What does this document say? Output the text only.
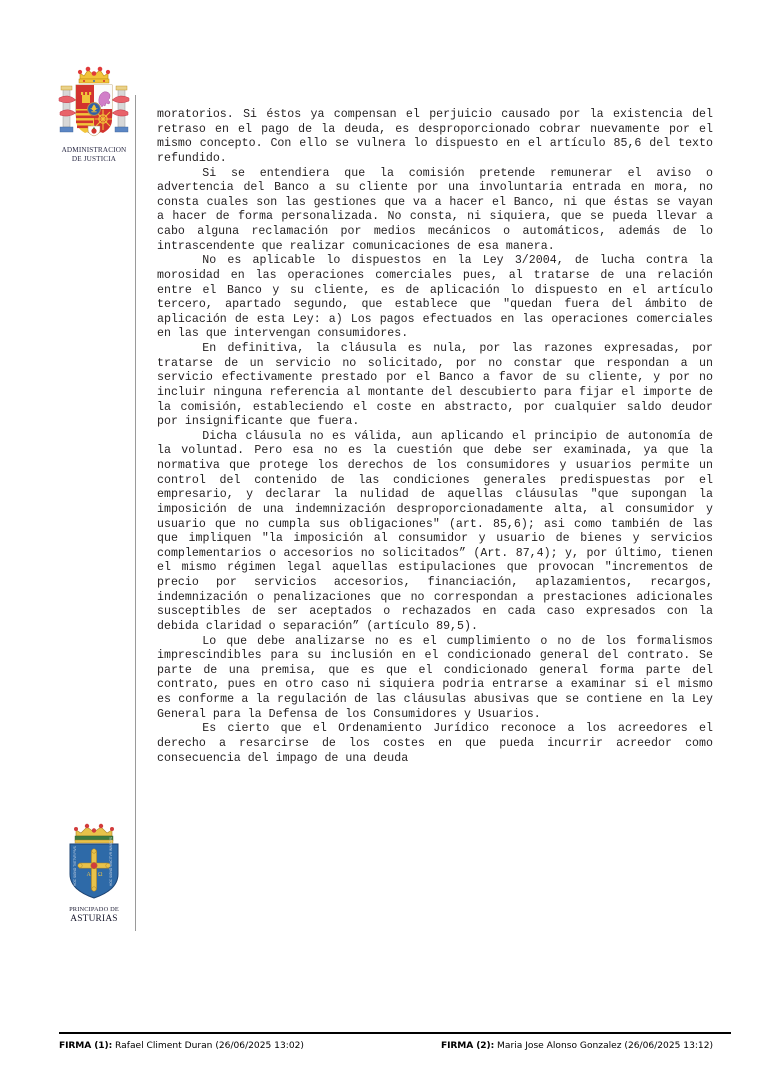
ADMINISTRACION
DE JUSTICIA
A Ω
HOC SIGNO TVETVR PIVS	HOC SIGNO VINCITVR INIMICVS
PRINCIPADO DE
ASTURIAS

moratorios. Si éstos ya compensan el perjuicio causado por la existencia del retraso en el pago de la deuda, es desproporcionado cobrar nuevamente por el mismo concepto. Con ello se vulnera lo dispuesto en el artículo 85,6 del texto refundido.

Si se entendiera que la comisión pretende remunerar el aviso o advertencia del Banco a su cliente por una involuntaria entrada en mora, no consta cuales son las gestiones que va a hacer el Banco, ni que éstas se vayan a hacer de forma personalizada. No consta, ni siquiera, que se pueda llevar a cabo alguna reclamación por medios mecánicos o automáticos, además de lo intrascendente que realizar comunicaciones de esa manera.

No es aplicable lo dispuestos en la Ley 3/2004, de lucha contra la morosidad en las operaciones comerciales pues, al tratarse de una relación entre el Banco y su cliente, es de aplicación lo dispuesto en el artículo tercero, apartado segundo, que establece que "quedan fuera del ámbito de aplicación de esta Ley: a) Los pagos efectuados en las operaciones comerciales en las que intervengan consumidores.

En definitiva, la cláusula es nula, por las razones expresadas, por tratarse de un servicio no solicitado, por no constar que respondan a un servicio efectivamente prestado por el Banco a favor de su cliente, y por no incluir ninguna referencia al montante del descubierto para fijar el importe de la comisión, estableciendo el coste en abstracto, por cualquier saldo deudor por insignificante que fuera.

Dicha cláusula no es válida, aun aplicando el principio de autonomía de la voluntad. Pero esa no es la cuestión que debe ser examinada, ya que la normativa que protege los derechos de los consumidores y usuarios permite un control del contenido de las condiciones generales predispuestas por el empresario, y declarar la nulidad de aquellas cláusulas "que supongan la imposición de una indemnización desproporcionadamente alta, al consumidor y usuario que no cumpla sus obligaciones" (art. 85,6); asi como también de las que impliquen "la imposición al consumidor y usuario de bienes y servicios complementarios o accesorios no solicitados” (Art. 87,4); y, por último, tienen el mismo régimen legal aquellas estipulaciones que provocan "incrementos de precio por servicios accesorios, financiación, aplazamientos, recargos, indemnización o penalizaciones que no correspondan a prestaciones adicionales susceptibles de ser aceptados o rechazados en cada caso expresados con la debida claridad o separación” (artículo 89,5).

Lo que debe analizarse no es el cumplimiento o no de los formalismos imprescindibles para su inclusión en el condicionado general del contrato. Se parte de una premisa, que es que el condicionado general forma parte del contrato, pues en otro caso ni siquiera podria entrarse a examinar si el mismo es conforme a la regulación de las cláusulas abusivas que se contiene en la Ley General para la Defensa de los Consumidores y Usuarios.

Es cierto que el Ordenamiento Jurídico reconoce a los acreedores el derecho a resarcirse de los costes en que pueda incurrir acreedor como consecuencia del impago de una deuda

FIRMA (1): Rafael Climent Duran (26/06/2025 13:02)	FIRMA (2): Maria Jose Alonso Gonzalez (26/06/2025 13:12)
